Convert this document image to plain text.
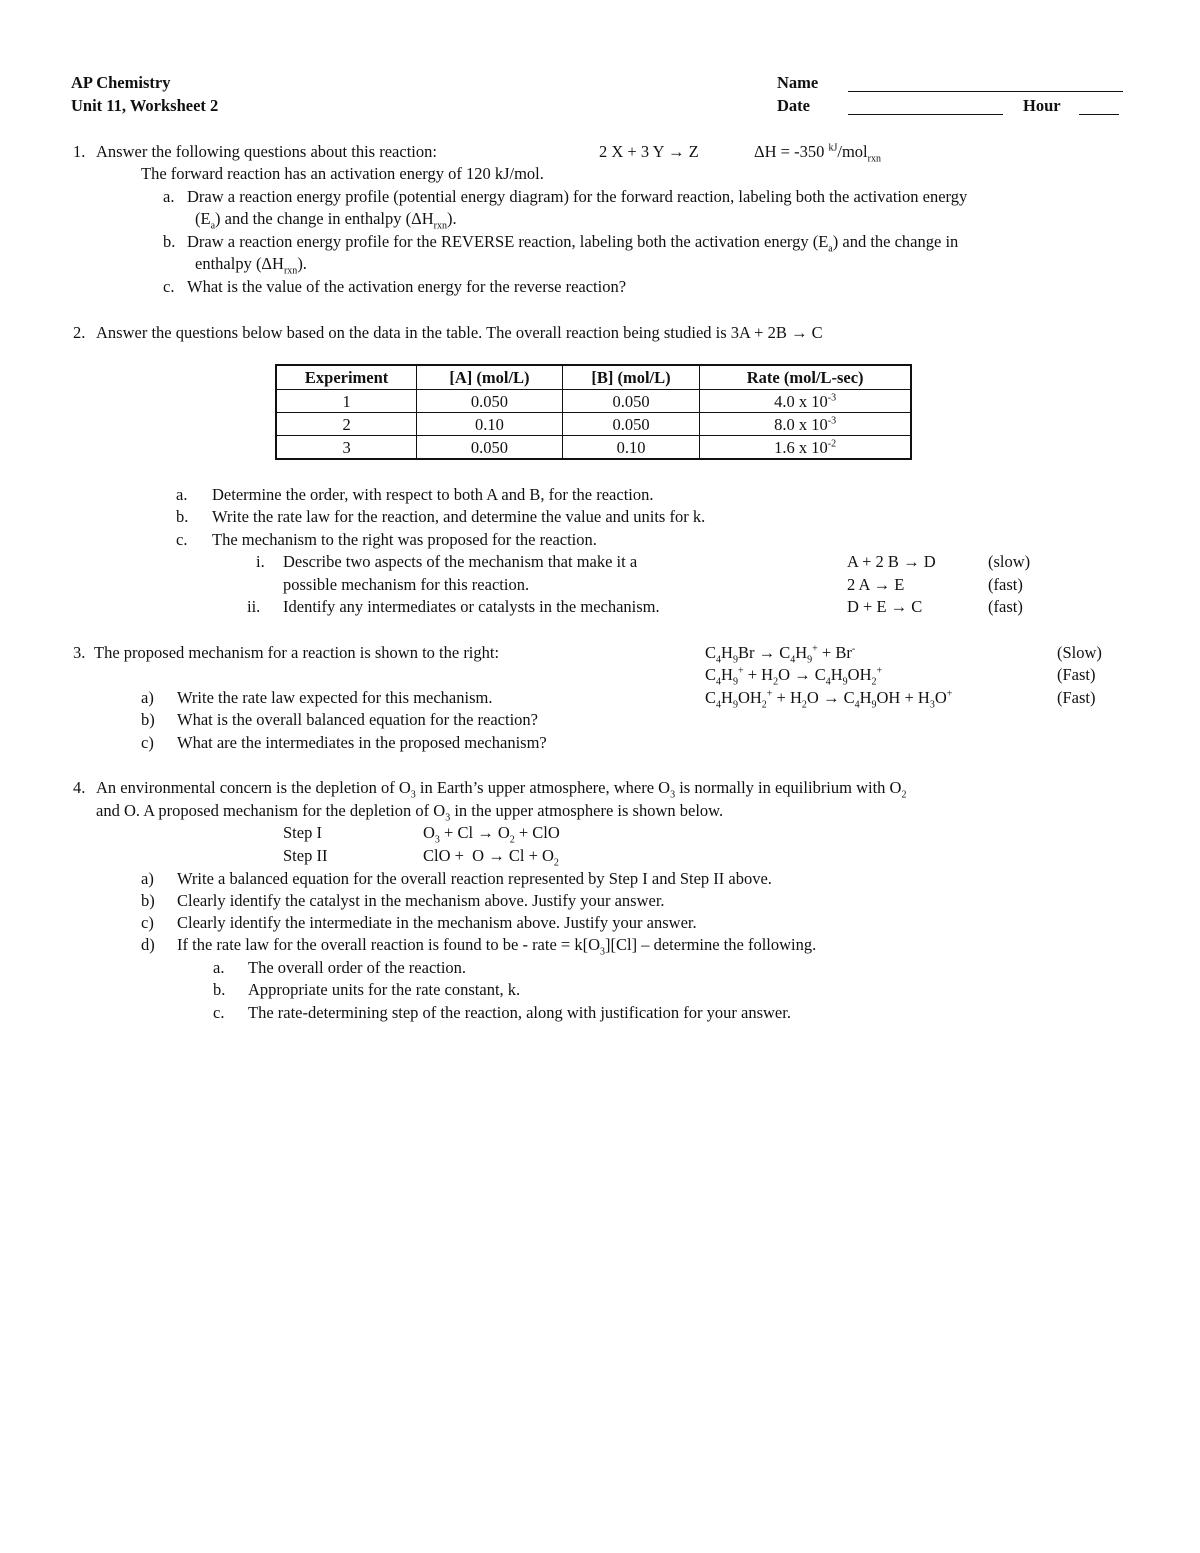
AP Chemistry
Unit 11, Worksheet 2
Name
Date	Hour
1. Answer the following questions about this reaction:	2 X + 3 Y → Z	ΔH = -350 $^{kJ}$/mol$_{rxn}$
The forward reaction has an activation energy of 120 kJ/mol.
a. Draw a reaction energy profile (potential energy diagram) for the forward reaction, labeling both the activation energy
$(E_a)$ and the change in enthalpy $(\Delta H_{rxn})$.
b. Draw a reaction energy profile for the REVERSE reaction, labeling both the activation energy $(E_a)$ and the change in
enthalpy $(\Delta H_{rxn})$.
c. What is the value of the activation energy for the reverse reaction?
2. Answer the questions below based on the data in the table. The overall reaction being studied is 3A + 2B → C
Experiment	[A] (mol/L)	[B] (mol/L)	Rate (mol/L-sec)
1	0.050	0.050	4.0 x $10^{-3}$
2	0.10	0.050	8.0 x $10^{-3}$
3	0.050	0.10	1.6 x $10^{-2}$
a. Determine the order, with respect to both A and B, for the reaction.
b. Write the rate law for the reaction, and determine the value and units for k.
c. The mechanism to the right was proposed for the reaction.
i. Describe two aspects of the mechanism that make it a
possible mechanism for this reaction.
ii. Identify any intermediates or catalysts in the mechanism.
A + 2 B → D	(slow)
2 A → E	(fast)
D + E → C	(fast)
3. The proposed mechanism for a reaction is shown to the right:	$C_4H_9Br \to C_4H_9^+ + Br^-$	(Slow)
$C_4H_9^+ + H_2O \to C_4H_9OH_2^+$	(Fast)
$C_4H_9OH_2^+ + H_2O \to C_4H_9OH + H_3O^+$	(Fast)
a) Write the rate law expected for this mechanism.
b) What is the overall balanced equation for the reaction?
c) What are the intermediates in the proposed mechanism?
4. An environmental concern is the depletion of $O_3$ in Earth’s upper atmosphere, where $O_3$ is normally in equilibrium with $O_2$
and O. A proposed mechanism for the depletion of $O_3$ in the upper atmosphere is shown below.
Step I	$O_3 + Cl \to O_2$ + ClO
Step II	ClO +  $O \to Cl + O_2$
a) Write a balanced equation for the overall reaction represented by Step I and Step II above.
b) Clearly identify the catalyst in the mechanism above. Justify your answer.
c) Clearly identify the intermediate in the mechanism above. Justify your answer.
d) If the rate law for the overall reaction is found to be - rate = $k[O_3][Cl]$ – determine the following.
a. The overall order of the reaction.
b. Appropriate units for the rate constant, k.
c. The rate-determining step of the reaction, along with justification for your answer.
